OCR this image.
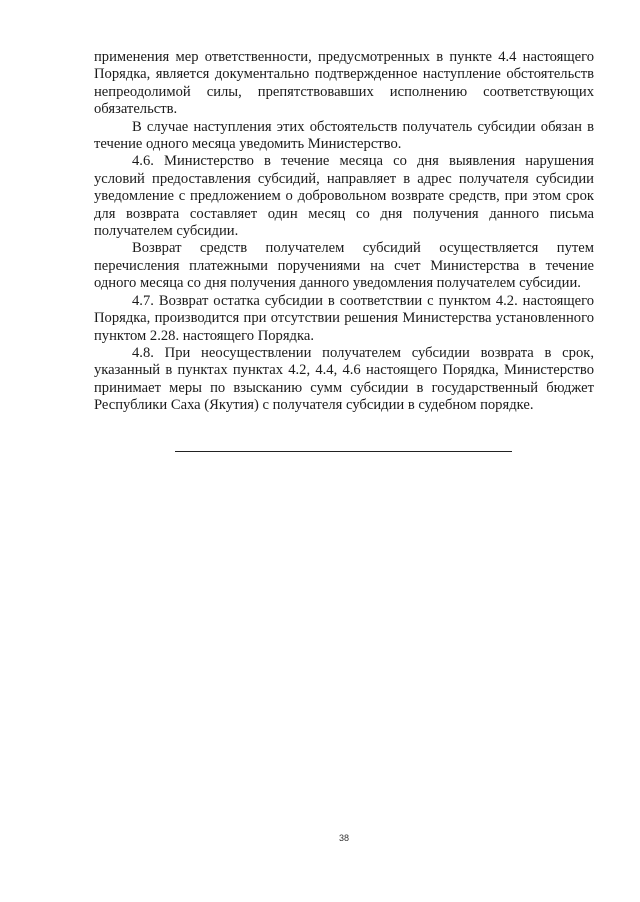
применения мер ответственности, предусмотренных в пункте 4.4 настоящего Порядка, является документально подтвержденное наступление обстоятельств непреодолимой силы, препятствовавших исполнению соответствующих обязательств.

В случае наступления этих обстоятельств получатель субсидии обязан в течение одного месяца уведомить Министерство.

4.6. Министерство в течение месяца со дня выявления нарушения условий предоставления субсидий, направляет в адрес получателя субсидии уведомление с предложением о добровольном возврате средств, при этом срок для возврата составляет один месяц со дня получения данного письма получателем субсидии.

Возврат средств получателем субсидий осуществляется путем перечисления платежными поручениями на счет Министерства в течение одного месяца со дня получения данного уведомления получателем субсидии.

4.7. Возврат остатка субсидии в соответствии с пунктом 4.2. настоящего Порядка, производится при отсутствии решения Министерства установленного пунктом 2.28. настоящего Порядка.

4.8. При неосуществлении получателем субсидии возврата в срок, указанный в пунктах пунктах 4.2, 4.4, 4.6 настоящего Порядка, Министерство принимает меры по взысканию сумм субсидии в государственный бюджет Республики Саха (Якутия) с получателя субсидии в судебном порядке.

38
